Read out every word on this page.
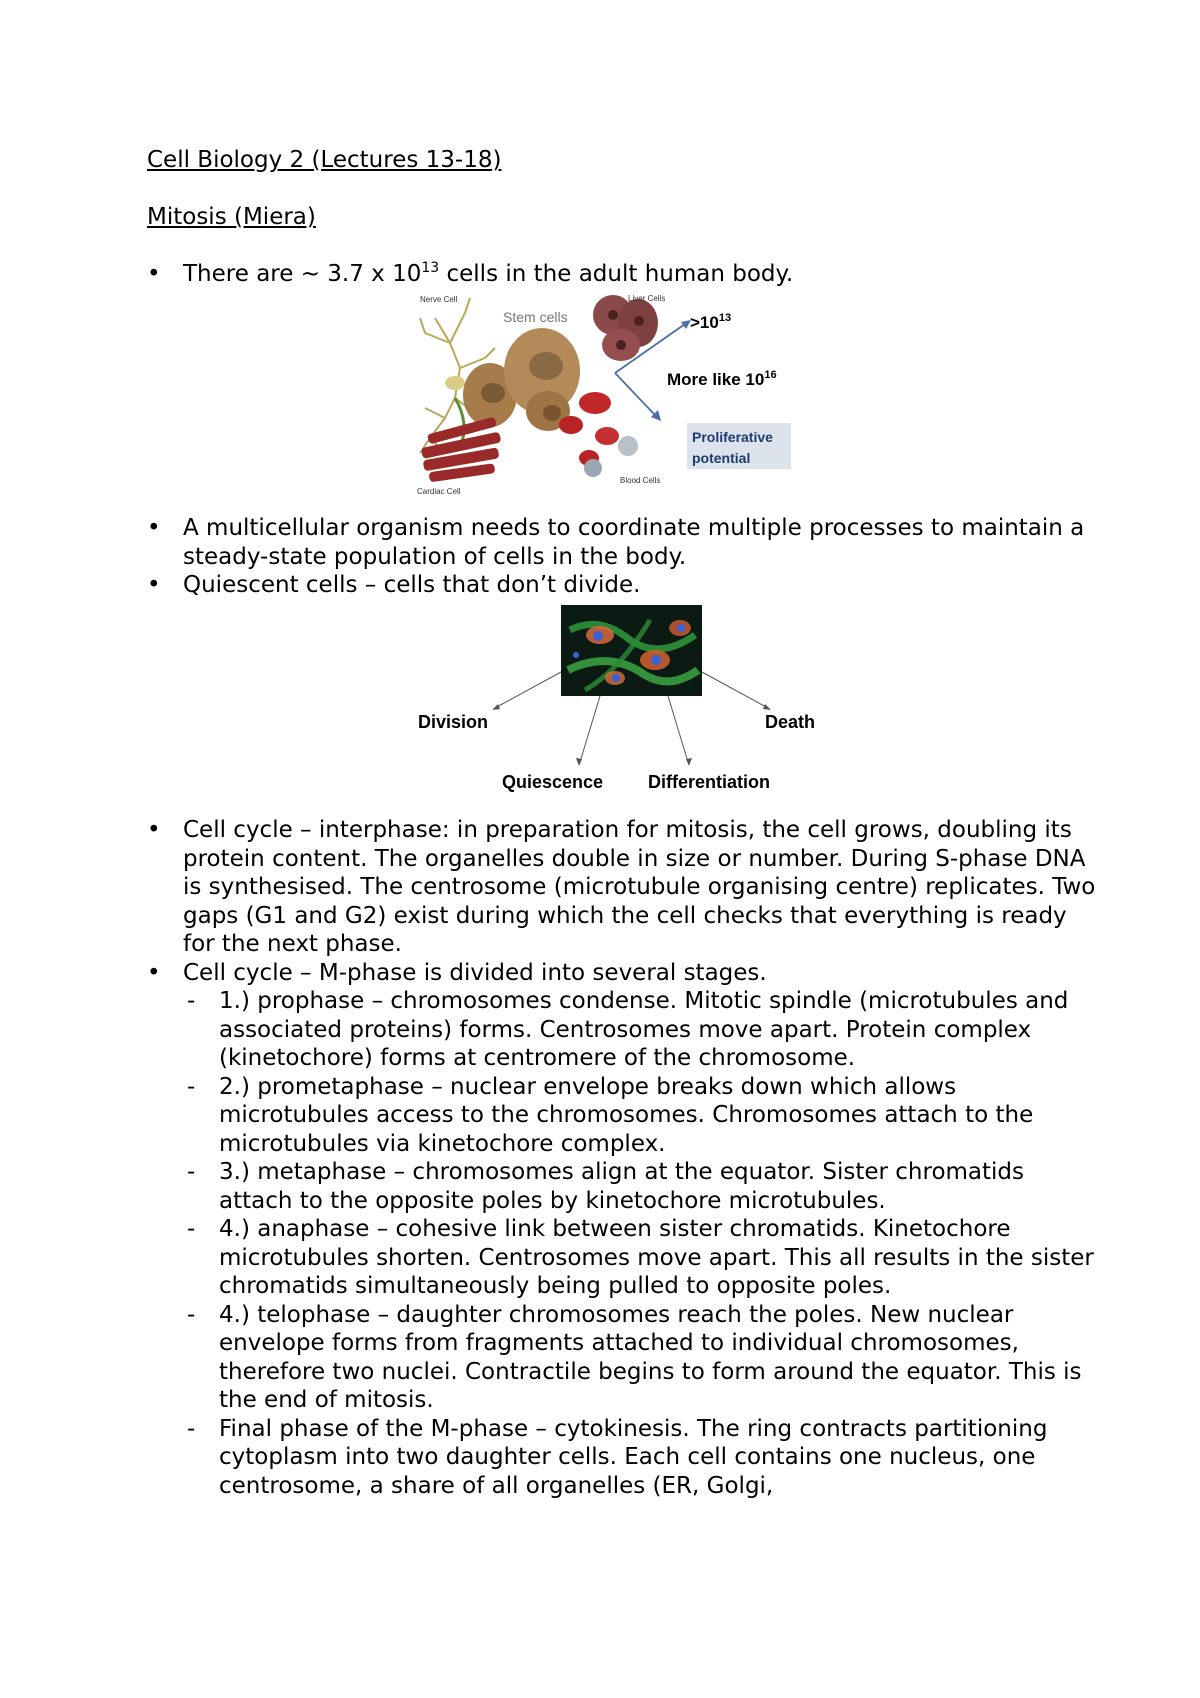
Cell Biology 2 (Lectures 13-18)
Mitosis (Miera)
• There are ~ 3.7 x $10^{13}$ cells in the adult human body.
Nerve Cell
Stem cells
Liver Cells
Cardiac Cell
Blood Cells
$>10^{13}$
More like $10^{16}$
Proliferative
potential
• A multicellular organism needs to coordinate multiple processes to maintain a steady-state population of cells in the body.
• Quiescent cells – cells that don’t divide.
Division	Death
Quiescence Differentiation
• Cell cycle – interphase: in preparation for mitosis, the cell grows, doubling its protein content. The organelles double in size or number. During S-phase DNA is synthesised. The centrosome (microtubule organising centre) replicates. Two gaps (G1 and G2) exist during which the cell checks that everything is ready for the next phase.
• Cell cycle – M-phase is divided into several stages.
- 1.) prophase – chromosomes condense. Mitotic spindle (microtubules and associated proteins) forms. Centrosomes move apart. Protein complex (kinetochore) forms at centromere of the chromosome.
- 2.) prometaphase – nuclear envelope breaks down which allows microtubules access to the chromosomes. Chromosomes attach to the microtubules via kinetochore complex.
- 3.) metaphase – chromosomes align at the equator. Sister chromatids attach to the opposite poles by kinetochore microtubules.
- 4.) anaphase – cohesive link between sister chromatids. Kinetochore microtubules shorten. Centrosomes move apart. This all results in the sister chromatids simultaneously being pulled to opposite poles.
- 4.) telophase – daughter chromosomes reach the poles. New nuclear envelope forms from fragments attached to individual chromosomes, therefore two nuclei. Contractile begins to form around the equator. This is the end of mitosis.
- Final phase of the M-phase – cytokinesis. The ring contracts partitioning cytoplasm into two daughter cells. Each cell contains one nucleus, one centrosome, a share of all organelles (ER, Golgi,
